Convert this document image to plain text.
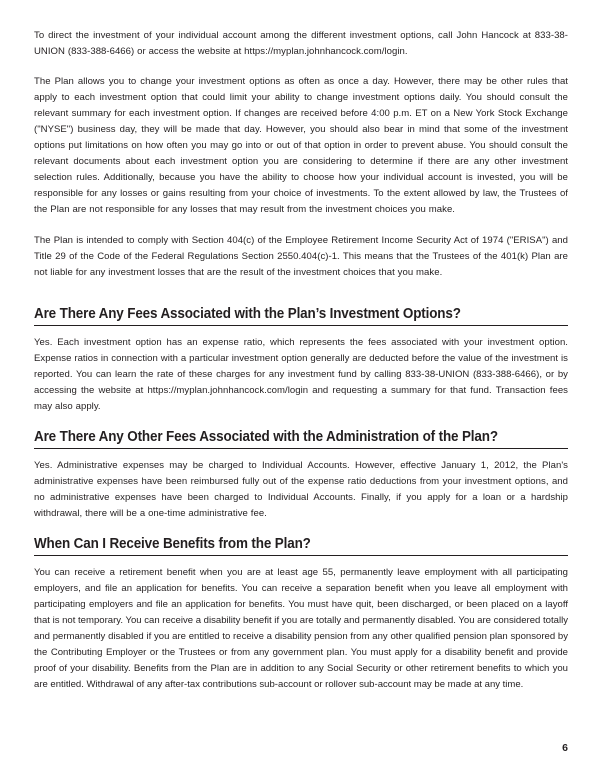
To direct the investment of your individual account among the different investment options, call John Hancock at 833-38-UNION (833-388-6466) or access the website at https://myplan.johnhancock.com/login.

The Plan allows you to change your investment options as often as once a day. However, there may be other rules that apply to each investment option that could limit your ability to change investment options daily. You should consult the relevant summary for each investment option. If changes are received before 4:00 p.m. ET on a New York Stock Exchange ("NYSE") business day, they will be made that day. However, you should also bear in mind that some of the investment options put limitations on how often you may go into or out of that option in order to prevent abuse. You should consult the relevant documents about each investment option you are considering to determine if there are any other investment selection rules. Additionally, because you have the ability to choose how your individual account is invested, you will be responsible for any losses or gains resulting from your choice of investments. To the extent allowed by law, the Trustees of the Plan are not responsible for any losses that may result from the investment choices you make.

The Plan is intended to comply with Section 404(c) of the Employee Retirement Income Security Act of 1974 ("ERISA") and Title 29 of the Code of the Federal Regulations Section 2550.404(c)-1. This means that the Trustees of the 401(k) Plan are not liable for any investment losses that are the result of the investment choices that you make.

Are There Any Fees Associated with the Plan’s Investment Options?

Yes. Each investment option has an expense ratio, which represents the fees associated with your investment option. Expense ratios in connection with a particular investment option generally are deducted before the value of the investment is reported. You can learn the rate of these charges for any investment fund by calling 833-38-UNION (833-388-6466), or by accessing the website at https://myplan.johnhancock.com/login and requesting a summary for that fund. Transaction fees may also apply.

Are There Any Other Fees Associated with the Administration of the Plan?

Yes. Administrative expenses may be charged to Individual Accounts. However, effective January 1, 2012, the Plan's administrative expenses have been reimbursed fully out of the expense ratio deductions from your investment options, and no administrative expenses have been charged to Individual Accounts. Finally, if you apply for a loan or a hardship withdrawal, there will be a one-time administrative fee.

When Can I Receive Benefits from the Plan?

You can receive a retirement benefit when you are at least age 55, permanently leave employment with all participating employers, and file an application for benefits. You can receive a separation benefit when you leave all employment with participating employers and file an application for benefits. You must have quit, been discharged, or been placed on a layoff that is not temporary. You can receive a disability benefit if you are totally and permanently disabled. You are considered totally and permanently disabled if you are entitled to receive a disability pension from any other qualified pension plan sponsored by the Contributing Employer or the Trustees or from any government plan. You must apply for a disability benefit and provide proof of your disability. Benefits from the Plan are in addition to any Social Security or other retirement benefits to which you are entitled. Withdrawal of any after-tax contributions sub-account or rollover sub-account may be made at any time.

6
